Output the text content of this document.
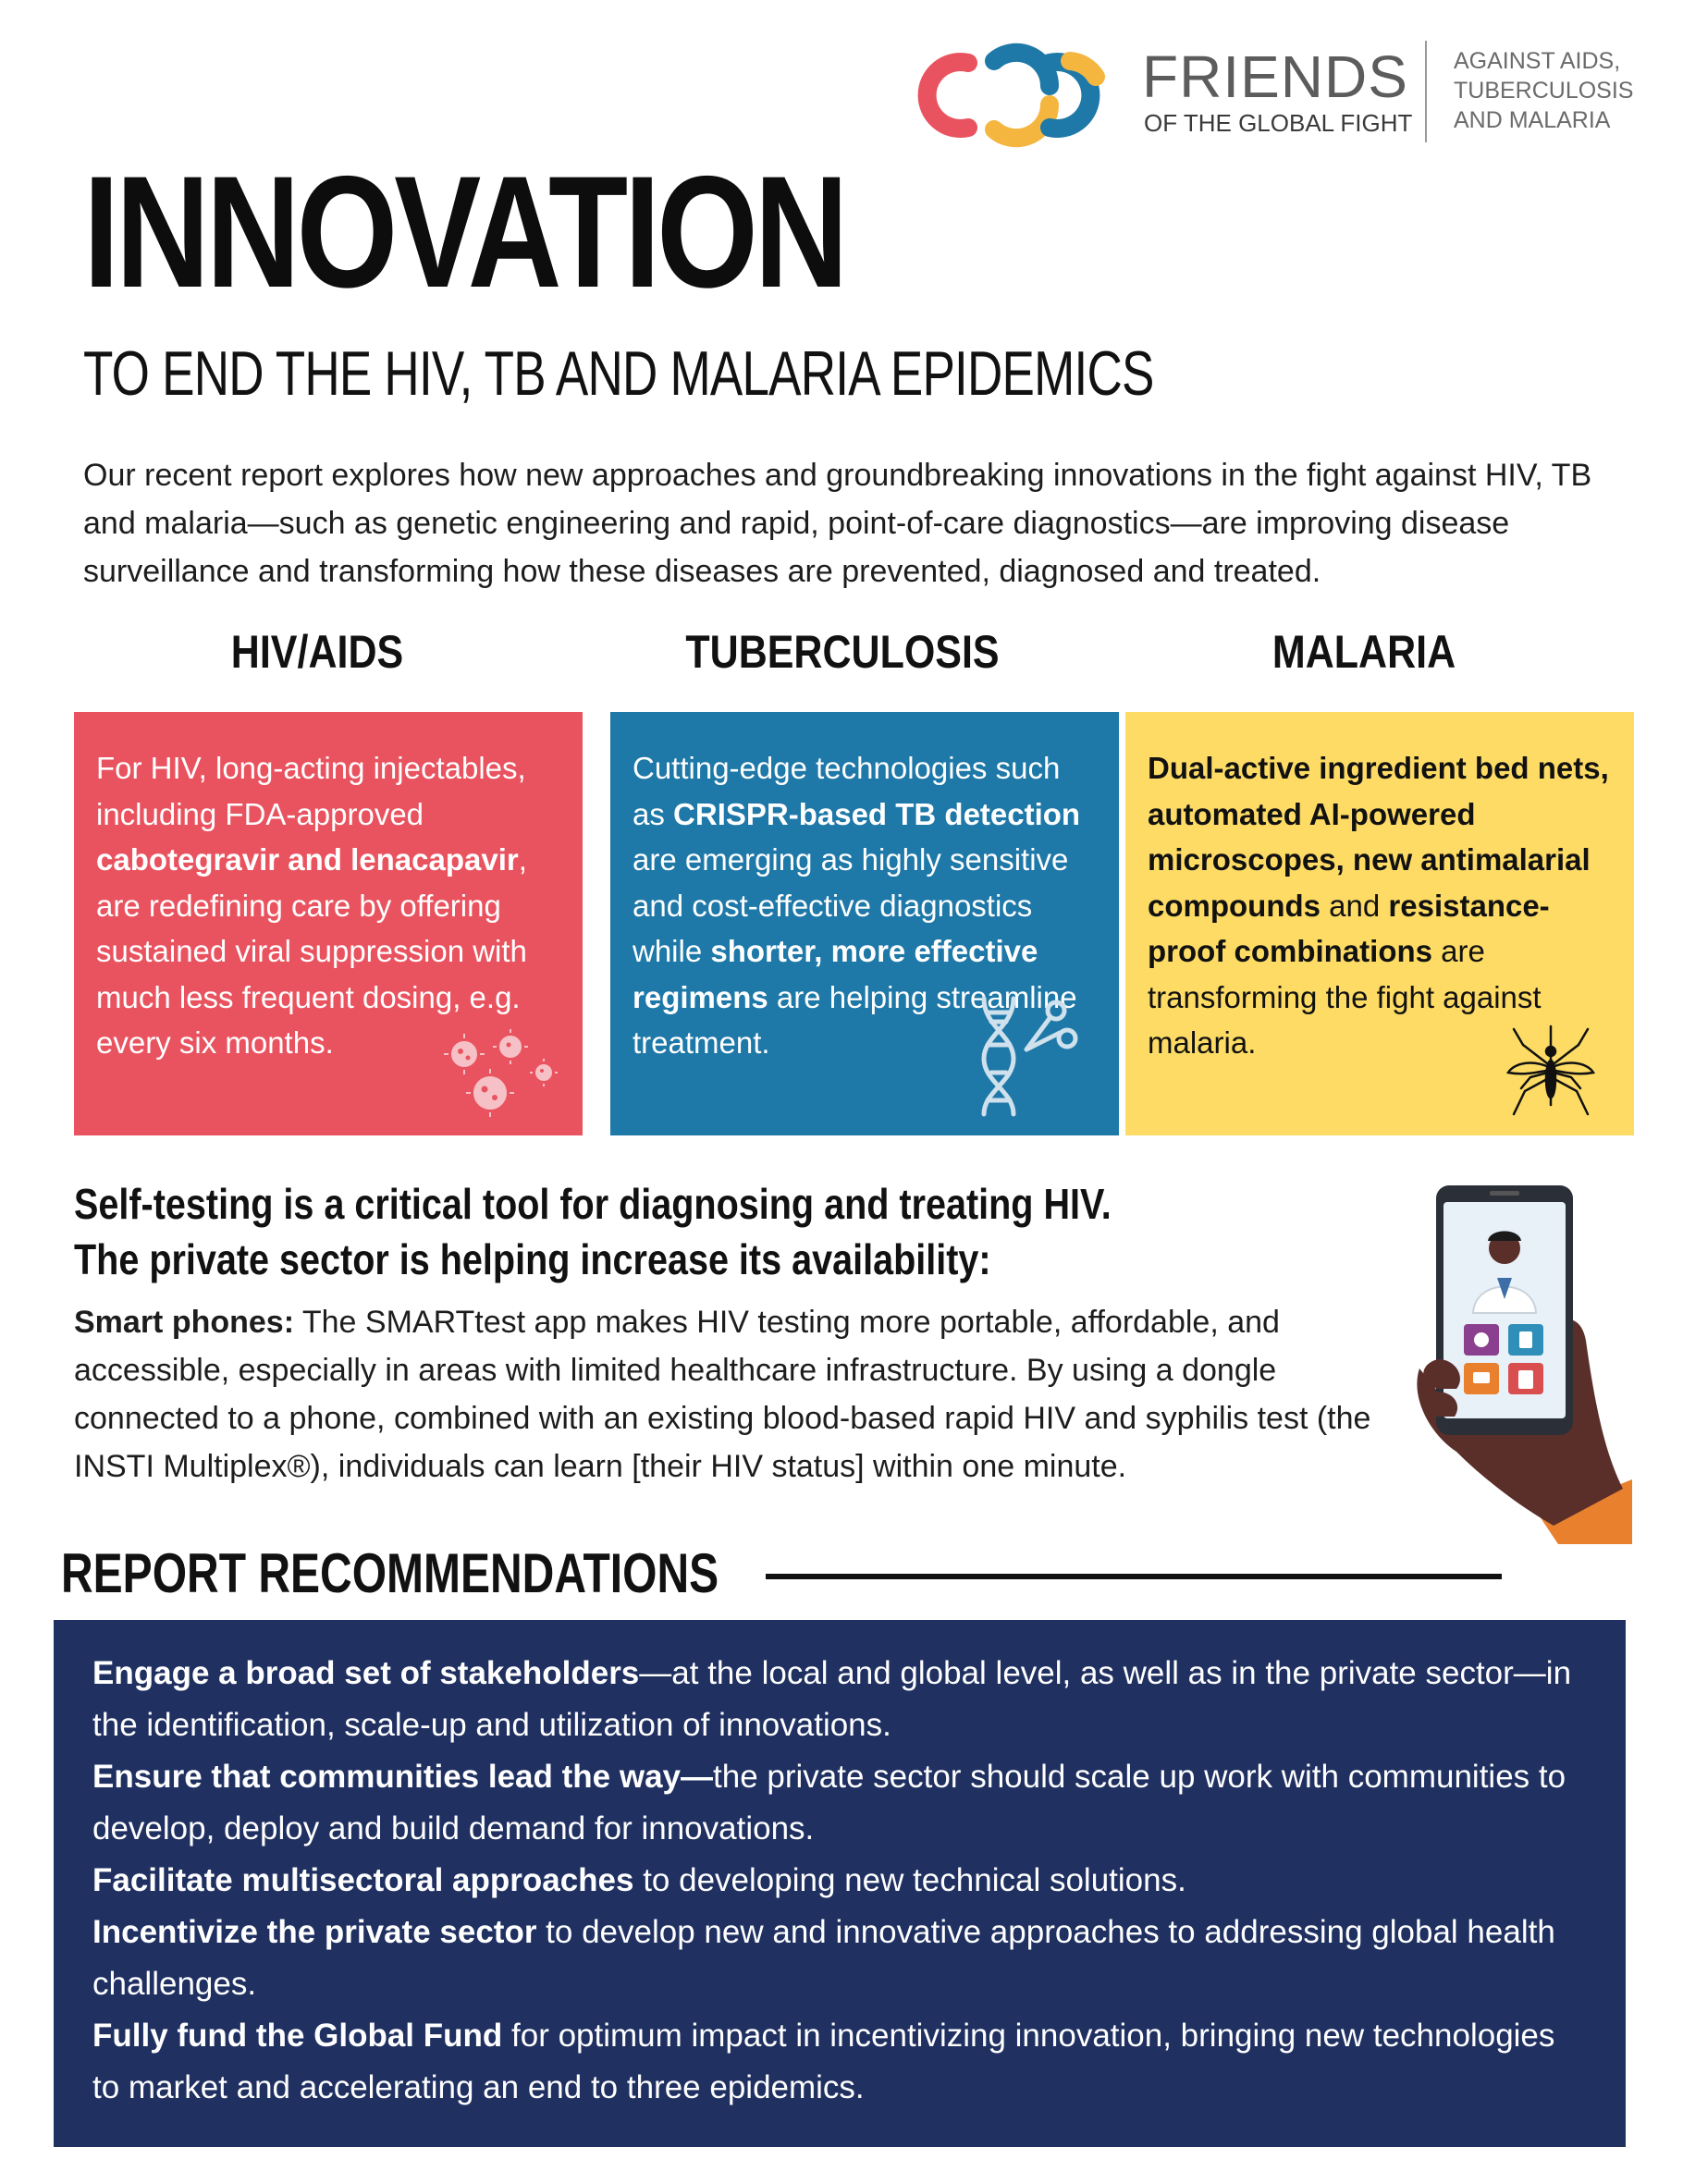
FRIENDS
OF THE GLOBAL FIGHT
AGAINST AIDS,
TUBERCULOSIS
AND MALARIA
INNOVATION
TO END THE HIV, TB AND MALARIA EPIDEMICS
Our recent report explores how new approaches and groundbreaking innovations in the fight against HIV, TB and malaria—such as genetic engineering and rapid, point-of-care diagnostics—are improving disease surveillance and transforming how these diseases are prevented, diagnosed and treated.
HIV/AIDS	TUBERCULOSIS	MALARIA
For HIV, long-acting injectables, including FDA-approved cabotegravir and lenacapavir, are redefining care by offering sustained viral suppression with much less frequent dosing, e.g. every six months.
Cutting-edge technologies such as CRISPR-based TB detection are emerging as highly sensitive and cost-effective diagnostics while shorter, more effective regimens are helping streamline treatment.
Dual-active ingredient bed nets, automated AI-powered microscopes, new antimalarial compounds and resistance-proof combinations are transforming the fight against malaria.
Self-testing is a critical tool for diagnosing and treating HIV.
The private sector is helping increase its availability:
Smart phones: The SMARTtest app makes HIV testing more portable, affordable, and accessible, especially in areas with limited healthcare infrastructure. By using a dongle connected to a phone, combined with an existing blood-based rapid HIV and syphilis test (the INSTI Multiplex®), individuals can learn [their HIV status] within one minute.
REPORT RECOMMENDATIONS

Engage a broad set of stakeholders—at the local and global level, as well as in the private sector—in the identification, scale-up and utilization of innovations.

Ensure that communities lead the way—the private sector should scale up work with communities to develop, deploy and build demand for innovations.

Facilitate multisectoral approaches to developing new technical solutions.

Incentivize the private sector to develop new and innovative approaches to addressing global health challenges.

Fully fund the Global Fund for optimum impact in incentivizing innovation, bringing new technologies to market and accelerating an end to three epidemics.
